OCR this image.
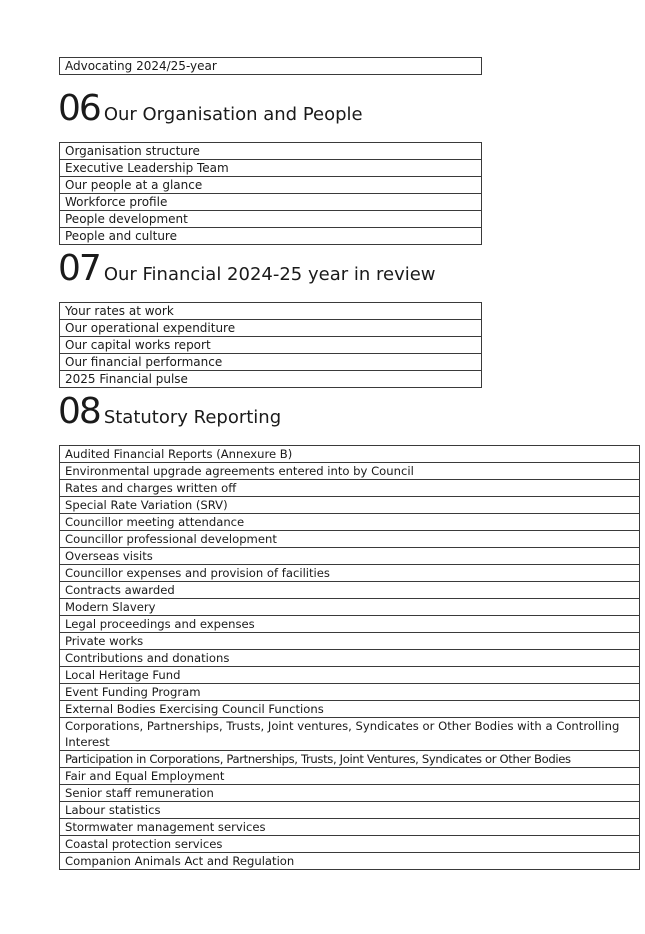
Advocating 2024/25-year
06 Our Organisation and People
Organisation structure
Executive Leadership Team
Our people at a glance
Workforce profile
People development
People and culture
07 Our Financial 2024-25 year in review
Your rates at work
Our operational expenditure
Our capital works report
Our financial performance
2025 Financial pulse
08 Statutory Reporting
Audited Financial Reports (Annexure B)
Environmental upgrade agreements entered into by Council
Rates and charges written off
Special Rate Variation (SRV)
Councillor meeting attendance
Councillor professional development
Overseas visits
Councillor expenses and provision of facilities
Contracts awarded
Modern Slavery
Legal proceedings and expenses
Private works
Contributions and donations
Local Heritage Fund
Event Funding Program
External Bodies Exercising Council Functions
Corporations, Partnerships, Trusts, Joint ventures, Syndicates or Other Bodies with a Controlling Interest
Participation in Corporations, Partnerships, Trusts, Joint Ventures, Syndicates or Other Bodies
Fair and Equal Employment
Senior staff remuneration
Labour statistics
Stormwater management services
Coastal protection services
Companion Animals Act and Regulation
